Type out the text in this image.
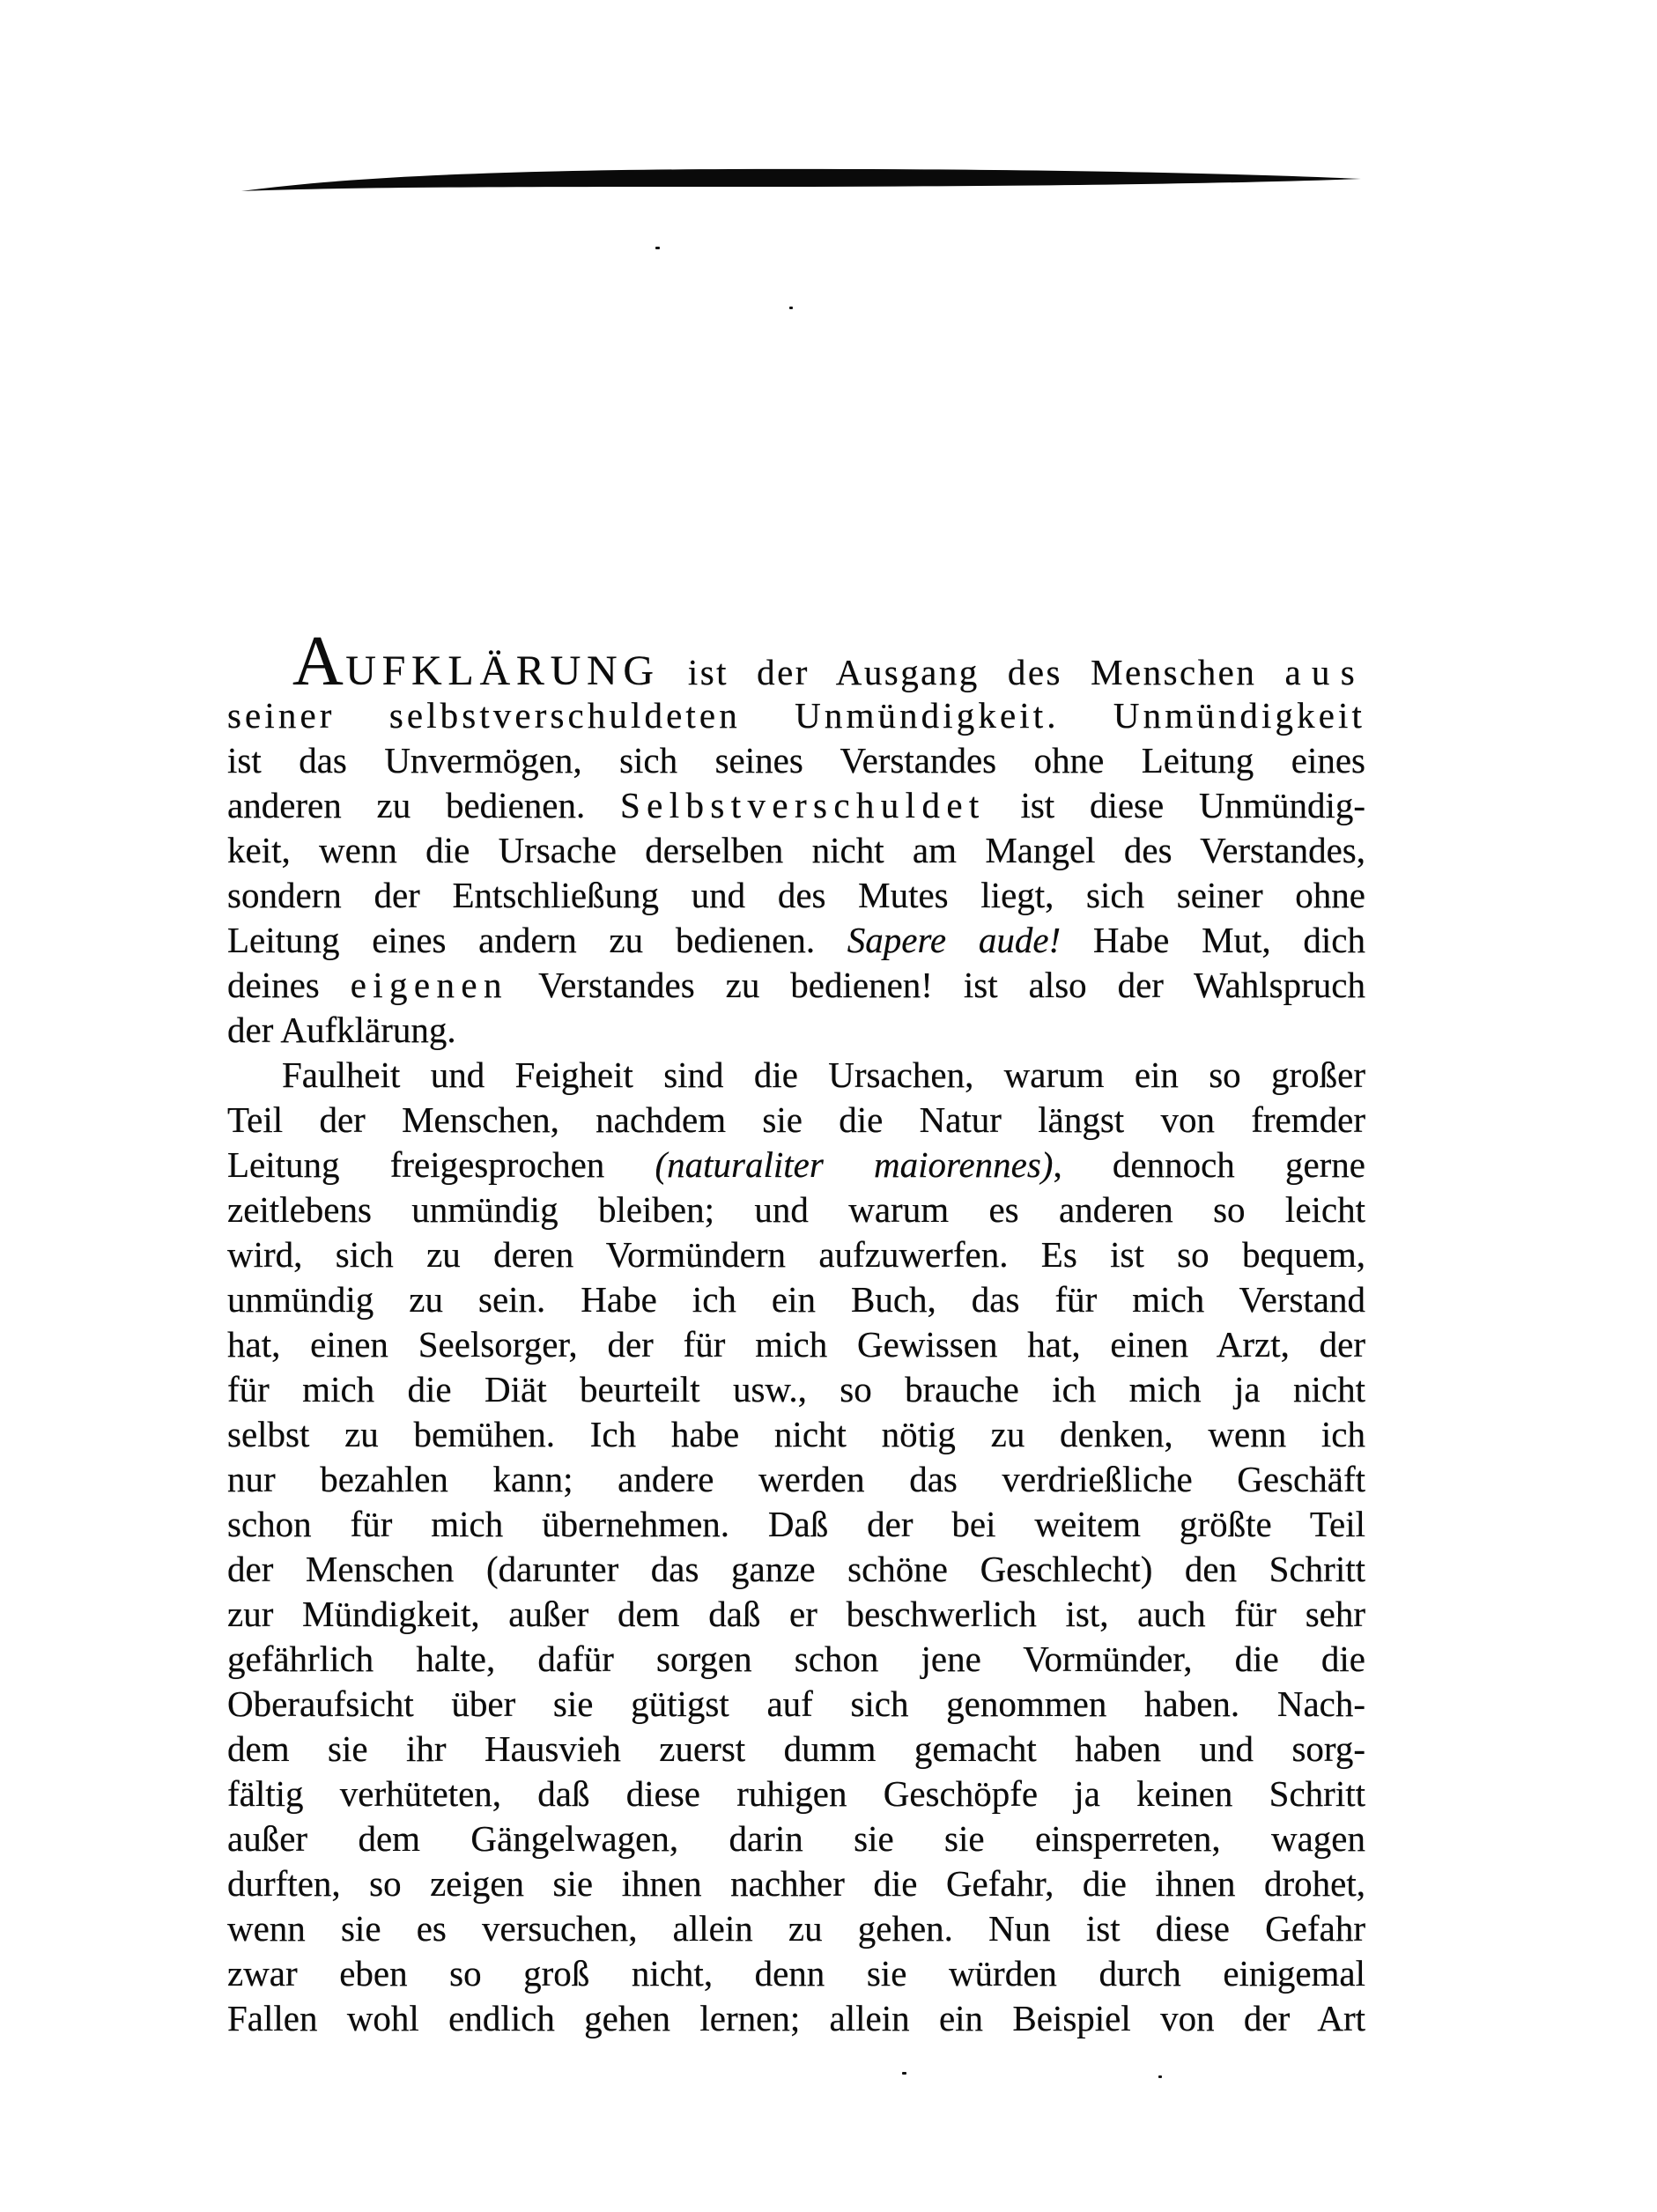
AUFKLÄRUNG ist der Ausgang des Menschen aus
seiner selbstverschuldeten Unmündigkeit. Unmündigkeit
ist das Unvermögen, sich seines Verstandes ohne Leitung eines
anderen zu bedienen. Selbstverschuldet ist diese Unmündig-
keit, wenn die Ursache derselben nicht am Mangel des Verstandes,
sondern der Entschließung und des Mutes liegt, sich seiner ohne
Leitung eines andern zu bedienen. Sapere aude! Habe Mut, dich
deines eigenen Verstandes zu bedienen! ist also der Wahlspruch
der Aufklärung.
Faulheit und Feigheit sind die Ursachen, warum ein so großer
Teil der Menschen, nachdem sie die Natur längst von fremder
Leitung freigesprochen (naturaliter maiorennes), dennoch gerne
zeitlebens unmündig bleiben; und warum es anderen so leicht
wird, sich zu deren Vormündern aufzuwerfen. Es ist so bequem,
unmündig zu sein. Habe ich ein Buch, das für mich Verstand
hat, einen Seelsorger, der für mich Gewissen hat, einen Arzt, der
für mich die Diät beurteilt usw., so brauche ich mich ja nicht
selbst zu bemühen. Ich habe nicht nötig zu denken, wenn ich
nur bezahlen kann; andere werden das verdrießliche Geschäft
schon für mich übernehmen. Daß der bei weitem größte Teil
der Menschen (darunter das ganze schöne Geschlecht) den Schritt
zur Mündigkeit, außer dem daß er beschwerlich ist, auch für sehr
gefährlich halte, dafür sorgen schon jene Vormünder, die die
Oberaufsicht über sie gütigst auf sich genommen haben. Nach-
dem sie ihr Hausvieh zuerst dumm gemacht haben und sorg-
fältig verhüteten, daß diese ruhigen Geschöpfe ja keinen Schritt
außer dem Gängelwagen, darin sie sie einsperreten, wagen
durften, so zeigen sie ihnen nachher die Gefahr, die ihnen drohet,
wenn sie es versuchen, allein zu gehen. Nun ist diese Gefahr
zwar eben so groß nicht, denn sie würden durch einigemal
Fallen wohl endlich gehen lernen; allein ein Beispiel von der Art
